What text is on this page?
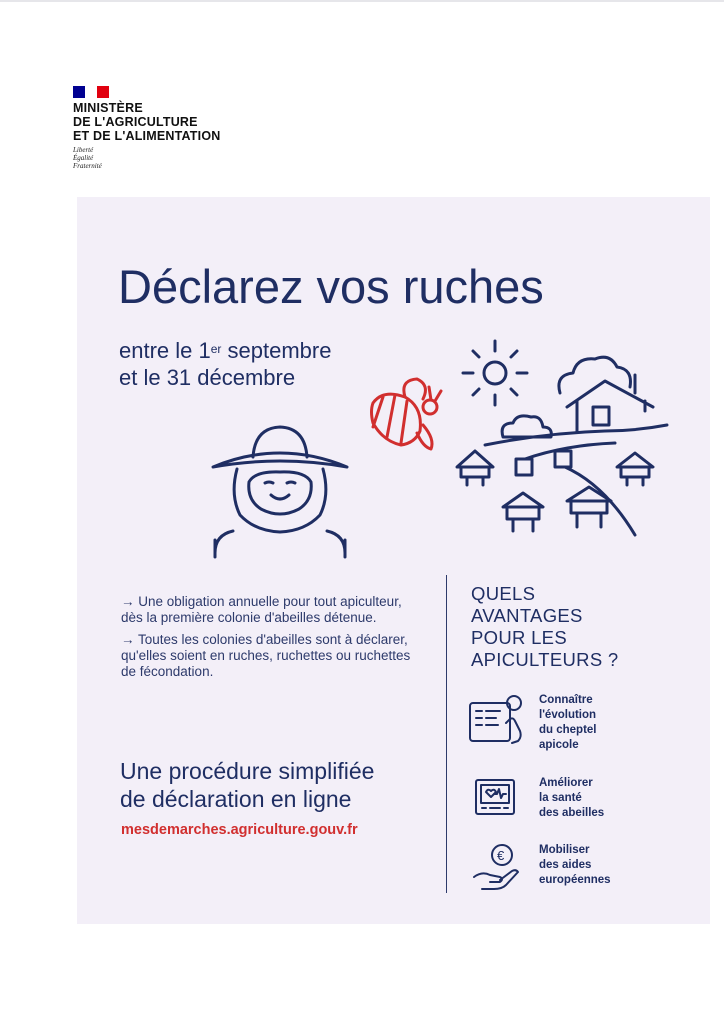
MINISTÈRE
DE L'AGRICULTURE
ET DE L'ALIMENTATION
Liberté
Égalité
Fraternité
Déclarez vos ruches
entre le 1er septembre
et le 31 décembre

→ Une obligation annuelle pour tout apiculteur, dès la première colonie d'abeilles détenue.

→ Toutes les colonies d'abeilles sont à déclarer, qu'elles soient en ruches, ruchettes ou ruchettes de fécondation.

Une procédure simplifiée
de déclaration en ligne
mesdemarches.agriculture.gouv.fr
QUELS
AVANTAGES
POUR LES
APICULTEURS ?
Connaître
l'évolution
du cheptel
apicole
Améliorer
la santé
des abeilles
€	Mobiliser
des aides
européennes
